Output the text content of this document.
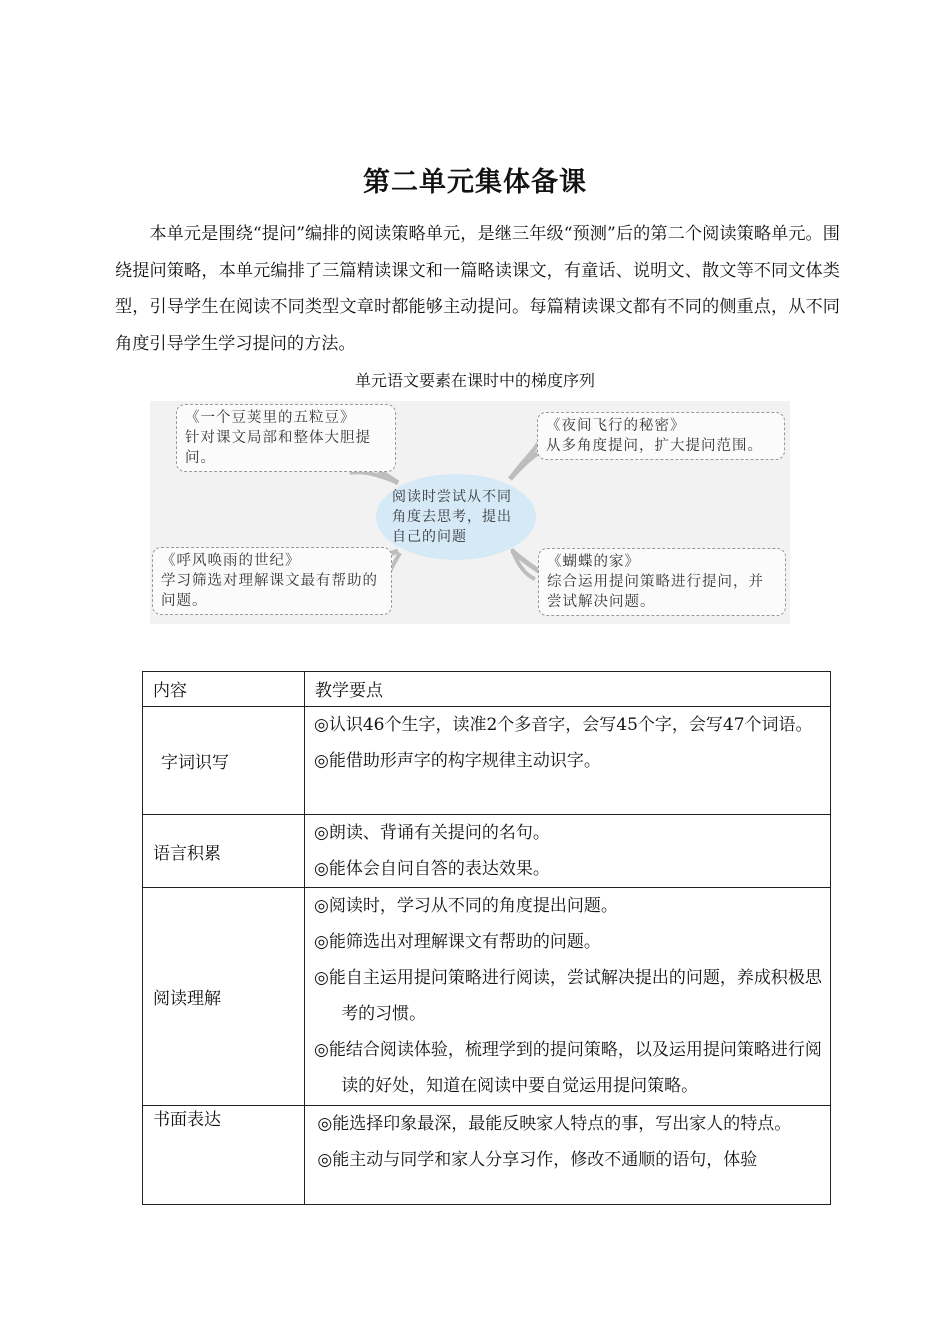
第二单元集体备课

本单元是围绕“提问”编排的阅读策略单元，是继三年级“预测”后的第二个阅读策略单元。围绕提问策略，本单元编排了三篇精读课文和一篇略读课文，有童话、说明文、散文等不同文体类型，引导学生在阅读不同类型文章时都能够主动提问。每篇精读课文都有不同的侧重点，从不同角度引导学生学习提问的方法。

单元语文要素在课时中的梯度序列

《一个豆荚里的五粒豆》
针对课文局部和整体大胆提问。
《夜间飞行的秘密》
从多角度提问，扩大提问范围。
《呼风唤雨的世纪》
学习筛选对理解课文最有帮助的问题。
《蝴蝶的家》
综合运用提问策略进行提问，并尝试解决问题。
阅读时尝试从不同角度去思考，提出自己的问题
内容	教学要点
字词识写	◎认识46个生字，读准2个多音字，会写45个字，会写47个词语。

◎能借助形声字的构字规律主动识字。

语言积累	◎朗读、背诵有关提问的名句。

◎能体会自问自答的表达效果。

阅读理解	◎阅读时，学习从不同的角度提出问题。

◎能筛选出对理解课文有帮助的问题。

◎能自主运用提问策略进行阅读，尝试解决提出的问题，养成积极思考的习惯。

◎能结合阅读体验，梳理学到的提问策略，以及运用提问策略进行阅读的好处，知道在阅读中要自觉运用提问策略。

书面表达	◎能选择印象最深，最能反映家人特点的事，写出家人的特点。

◎能主动与同学和家人分享习作，修改不通顺的语句，体验
